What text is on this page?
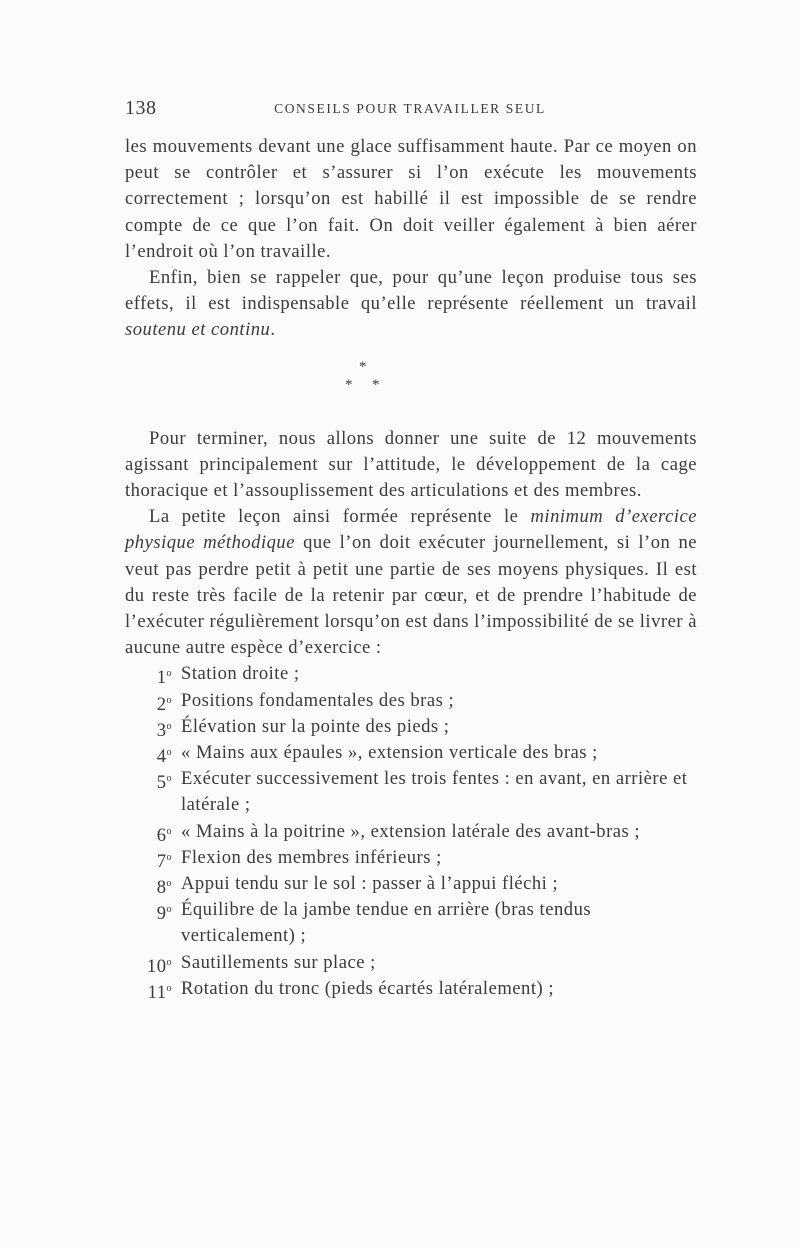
138	CONSEILS POUR TRAVAILLER SEUL

les mouvements devant une glace suffisamment haute. Par ce moyen on peut se contrôler et s’assurer si l’on exécute les mouvements correctement ; lorsqu’on est habillé il est impossible de se rendre compte de ce que l’on fait. On doit veiller également à bien aérer l’endroit où l’on travaille.

Enfin, bien se rappeler que, pour qu’une leçon produise tous ses effets, il est indispensable qu’elle représente réellement un travail soutenu et continu.

*
* *

Pour terminer, nous allons donner une suite de 12 mouvements agissant principalement sur l’attitude, le développement de la cage thoracique et l’assouplissement des articulations et des membres.

La petite leçon ainsi formée représente le minimum d’exercice physique méthodique que l’on doit exécuter journellement, si l’on ne veut pas perdre petit à petit une partie de ses moyens physiques. Il est du reste très facile de la retenir par cœur, et de prendre l’habitude de l’exécuter régulièrement lorsqu’on est dans l’impossibilité de se livrer à aucune autre espèce d’exercice :

1$^o$ Station droite ;
2$^o$ Positions fondamentales des bras ;
3$^o$ Élévation sur la pointe des pieds ;
4$^o$ « Mains aux épaules », extension verticale des bras ;
5$^o$ Exécuter successivement les trois fentes : en avant, en arrière et latérale ;
6$^o$ « Mains à la poitrine », extension latérale des avant-bras ;
7$^o$ Flexion des membres inférieurs ;
8$^o$ Appui tendu sur le sol : passer à l’appui fléchi ;
9$^o$ Équilibre de la jambe tendue en arrière (bras tendus verticalement) ;
10$^o$ Sautillements sur place ;
11$^o$ Rotation du tronc (pieds écartés latéralement) ;
